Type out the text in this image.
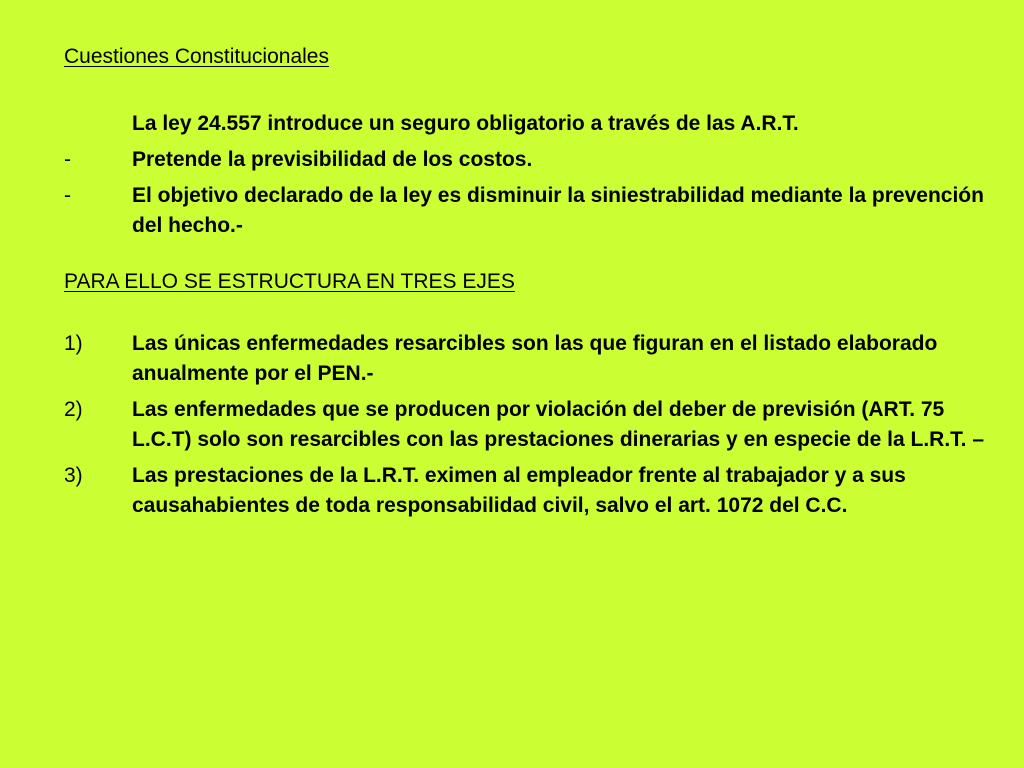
Cuestiones Constitucionales

La ley 24.557 introduce un seguro obligatorio a través de las A.R.T.

-	Pretende la previsibilidad de los costos.
-	El objetivo declarado de la ley es disminuir la siniestrabilidad mediante la prevención del hecho.-

PARA ELLO SE ESTRUCTURA EN TRES EJES

1)	Las únicas enfermedades resarcibles son las que figuran en el listado elaborado anualmente por el PEN.-
2)	Las enfermedades que se producen por violación del deber de previsión (ART. 75 L.C.T) solo son resarcibles con las prestaciones dinerarias y en especie de la L.R.T. –
3)	Las prestaciones de la L.R.T. eximen al empleador frente al trabajador y a sus causahabientes de toda responsabilidad civil, salvo el art. 1072 del C.C.
